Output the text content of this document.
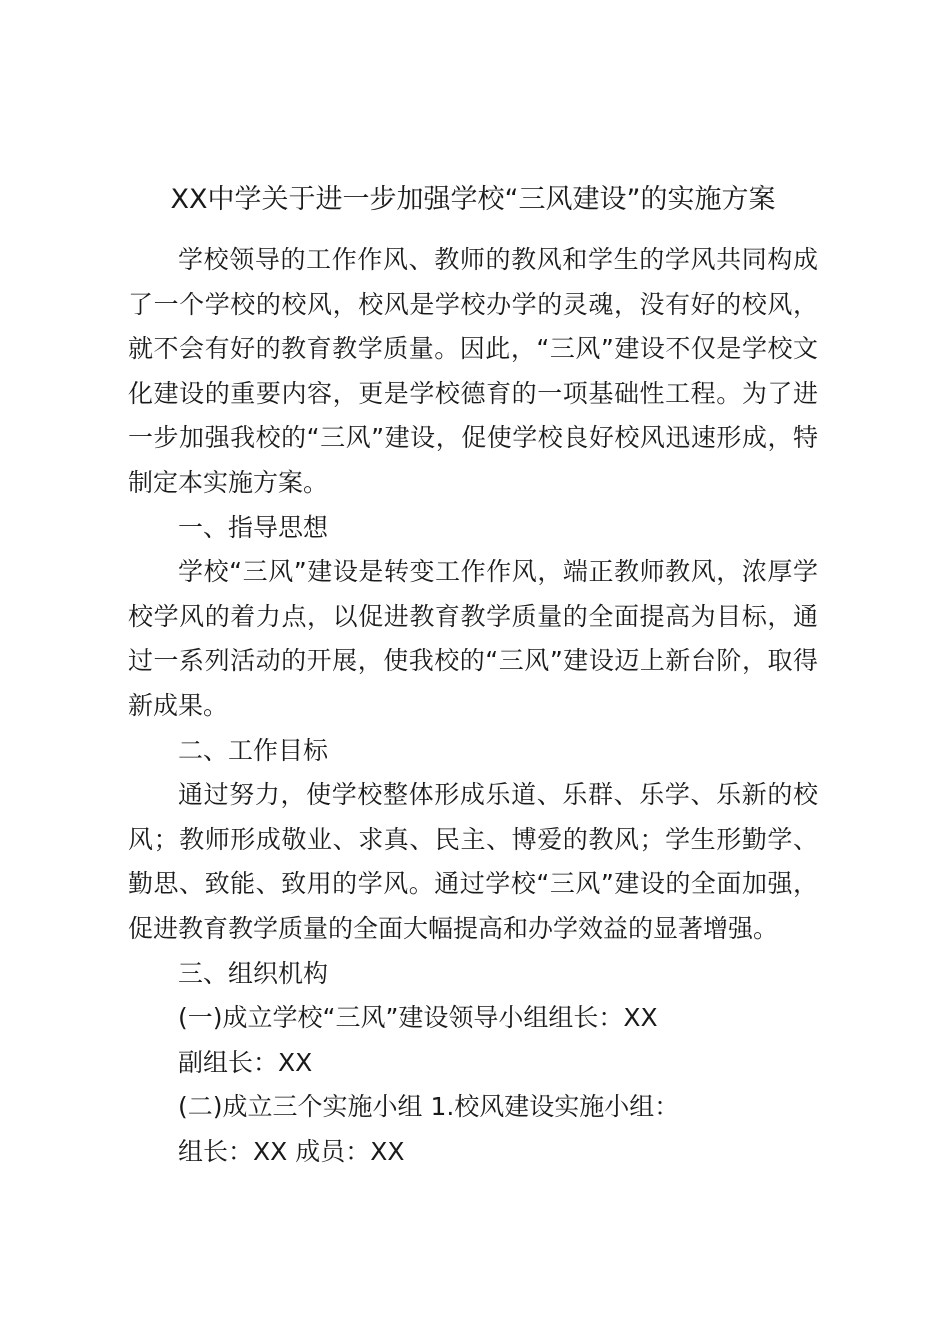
XX中学关于进一步加强学校“三风建设”的实施方案

学校领导的工作作风、教师的教风和学生的学风共同构成了一个学校的校风，校风是学校办学的灵魂，没有好的校风，就不会有好的教育教学质量。因此，“三风”建设不仅是学校文化建设的重要内容，更是学校德育的一项基础性工程。为了进一步加强我校的“三风”建设，促使学校良好校风迅速形成，特制定本实施方案。

一、指导思想

学校“三风”建设是转变工作作风，端正教师教风，浓厚学校学风的着力点，以促进教育教学质量的全面提高为目标，通过一系列活动的开展，使我校的“三风”建设迈上新台阶，取得新成果。

二、工作目标

通过努力，使学校整体形成乐道、乐群、乐学、乐新的校风；教师形成敬业、求真、民主、博爱的教风；学生形勤学、勤思、致能、致用的学风。通过学校“三风”建设的全面加强，促进教育教学质量的全面大幅提高和办学效益的显著增强。

三、组织机构

(一)成立学校“三风”建设领导小组组长：XX

副组长：XX

(二)成立三个实施小组 1.校风建设实施小组：

组长：XX 成员：XX
